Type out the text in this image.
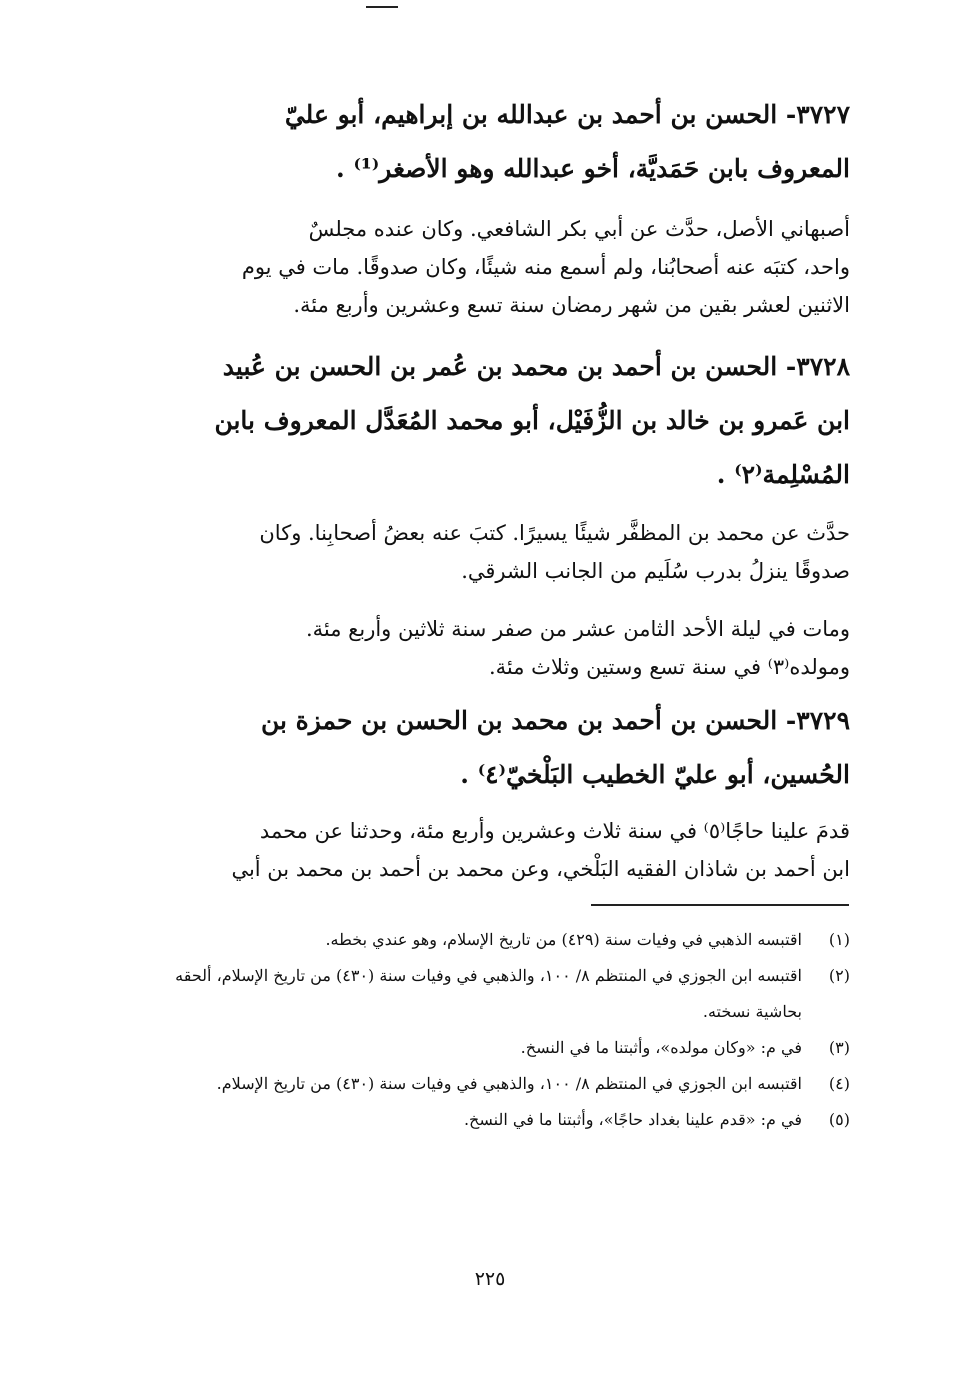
٣٧٢٧- الحسن بن أحمد بن عبدالله بن إبراهيم، أبو عليّ
المعروف بابن حَمَديَّة، أخو عبدالله وهو الأصغر⁽¹⁾ .
أصبهاني الأصل، حدَّث عن أبي بكر الشافعي. وكان عنده مجلسٌ
واحد، كتبَه عنه أصحابُنا، ولم أسمع منه شيئًا، وكان صدوقًا. مات في يوم
الاثنين لعشر بقين من شهر رمضان سنة تسع وعشرين وأربع مئة.
٣٧٢٨- الحسن بن أحمد بن محمد بن عُمر بن الحسن بن عُبيد
ابن عَمرو بن خالد بن الزُّفَيْل، أبو محمد المُعَدَّل المعروف بابن
المُسْلِمة⁽٢⁾ .
حدَّث عن محمد بن المظفَّر شيئًا يسيرًا. كتبَ عنه بعضُ أصحابِنا. وكان
صدوقًا ينزلُ بدرب سُلَيم من الجانب الشرقي.
ومات في ليلة الأحد الثامن عشر من صفر سنة ثلاثين وأربع مئة.
ومولده⁽٣⁾ في سنة تسع وستين وثلاث مئة.
٣٧٢٩- الحسن بن أحمد بن محمد بن الحسن بن حمزة بن
الحُسين، أبو عليّ الخطيب البَلْخيّ⁽٤⁾ .
قدمَ علينا حاجًا⁽٥⁾ في سنة ثلاث وعشرين وأربع مئة، وحدثنا عن محمد
ابن أحمد بن شاذان الفقيه البَلْخي، وعن محمد بن أحمد بن محمد بن أبي
(١)
اقتبسه الذهبي في وفيات سنة (٤٢٩) من تاريخ الإسلام، وهو عندي بخطه.
(٢)
اقتبسه ابن الجوزي في المنتظم ٨/ ١٠٠، والذهبي في وفيات سنة (٤٣٠) من تاريخ الإسلام، ألحقه بحاشية نسخته.
(٣)
في م: «وكان مولده»، وأثبتنا ما في النسخ.
(٤)
اقتبسه ابن الجوزي في المنتظم ٨/ ١٠٠، والذهبي في وفيات سنة (٤٣٠) من تاريخ الإسلام.
(٥)
في م: «قدم علينا بغداد حاجًا»، وأثبتنا ما في النسخ.
٢٢٥
